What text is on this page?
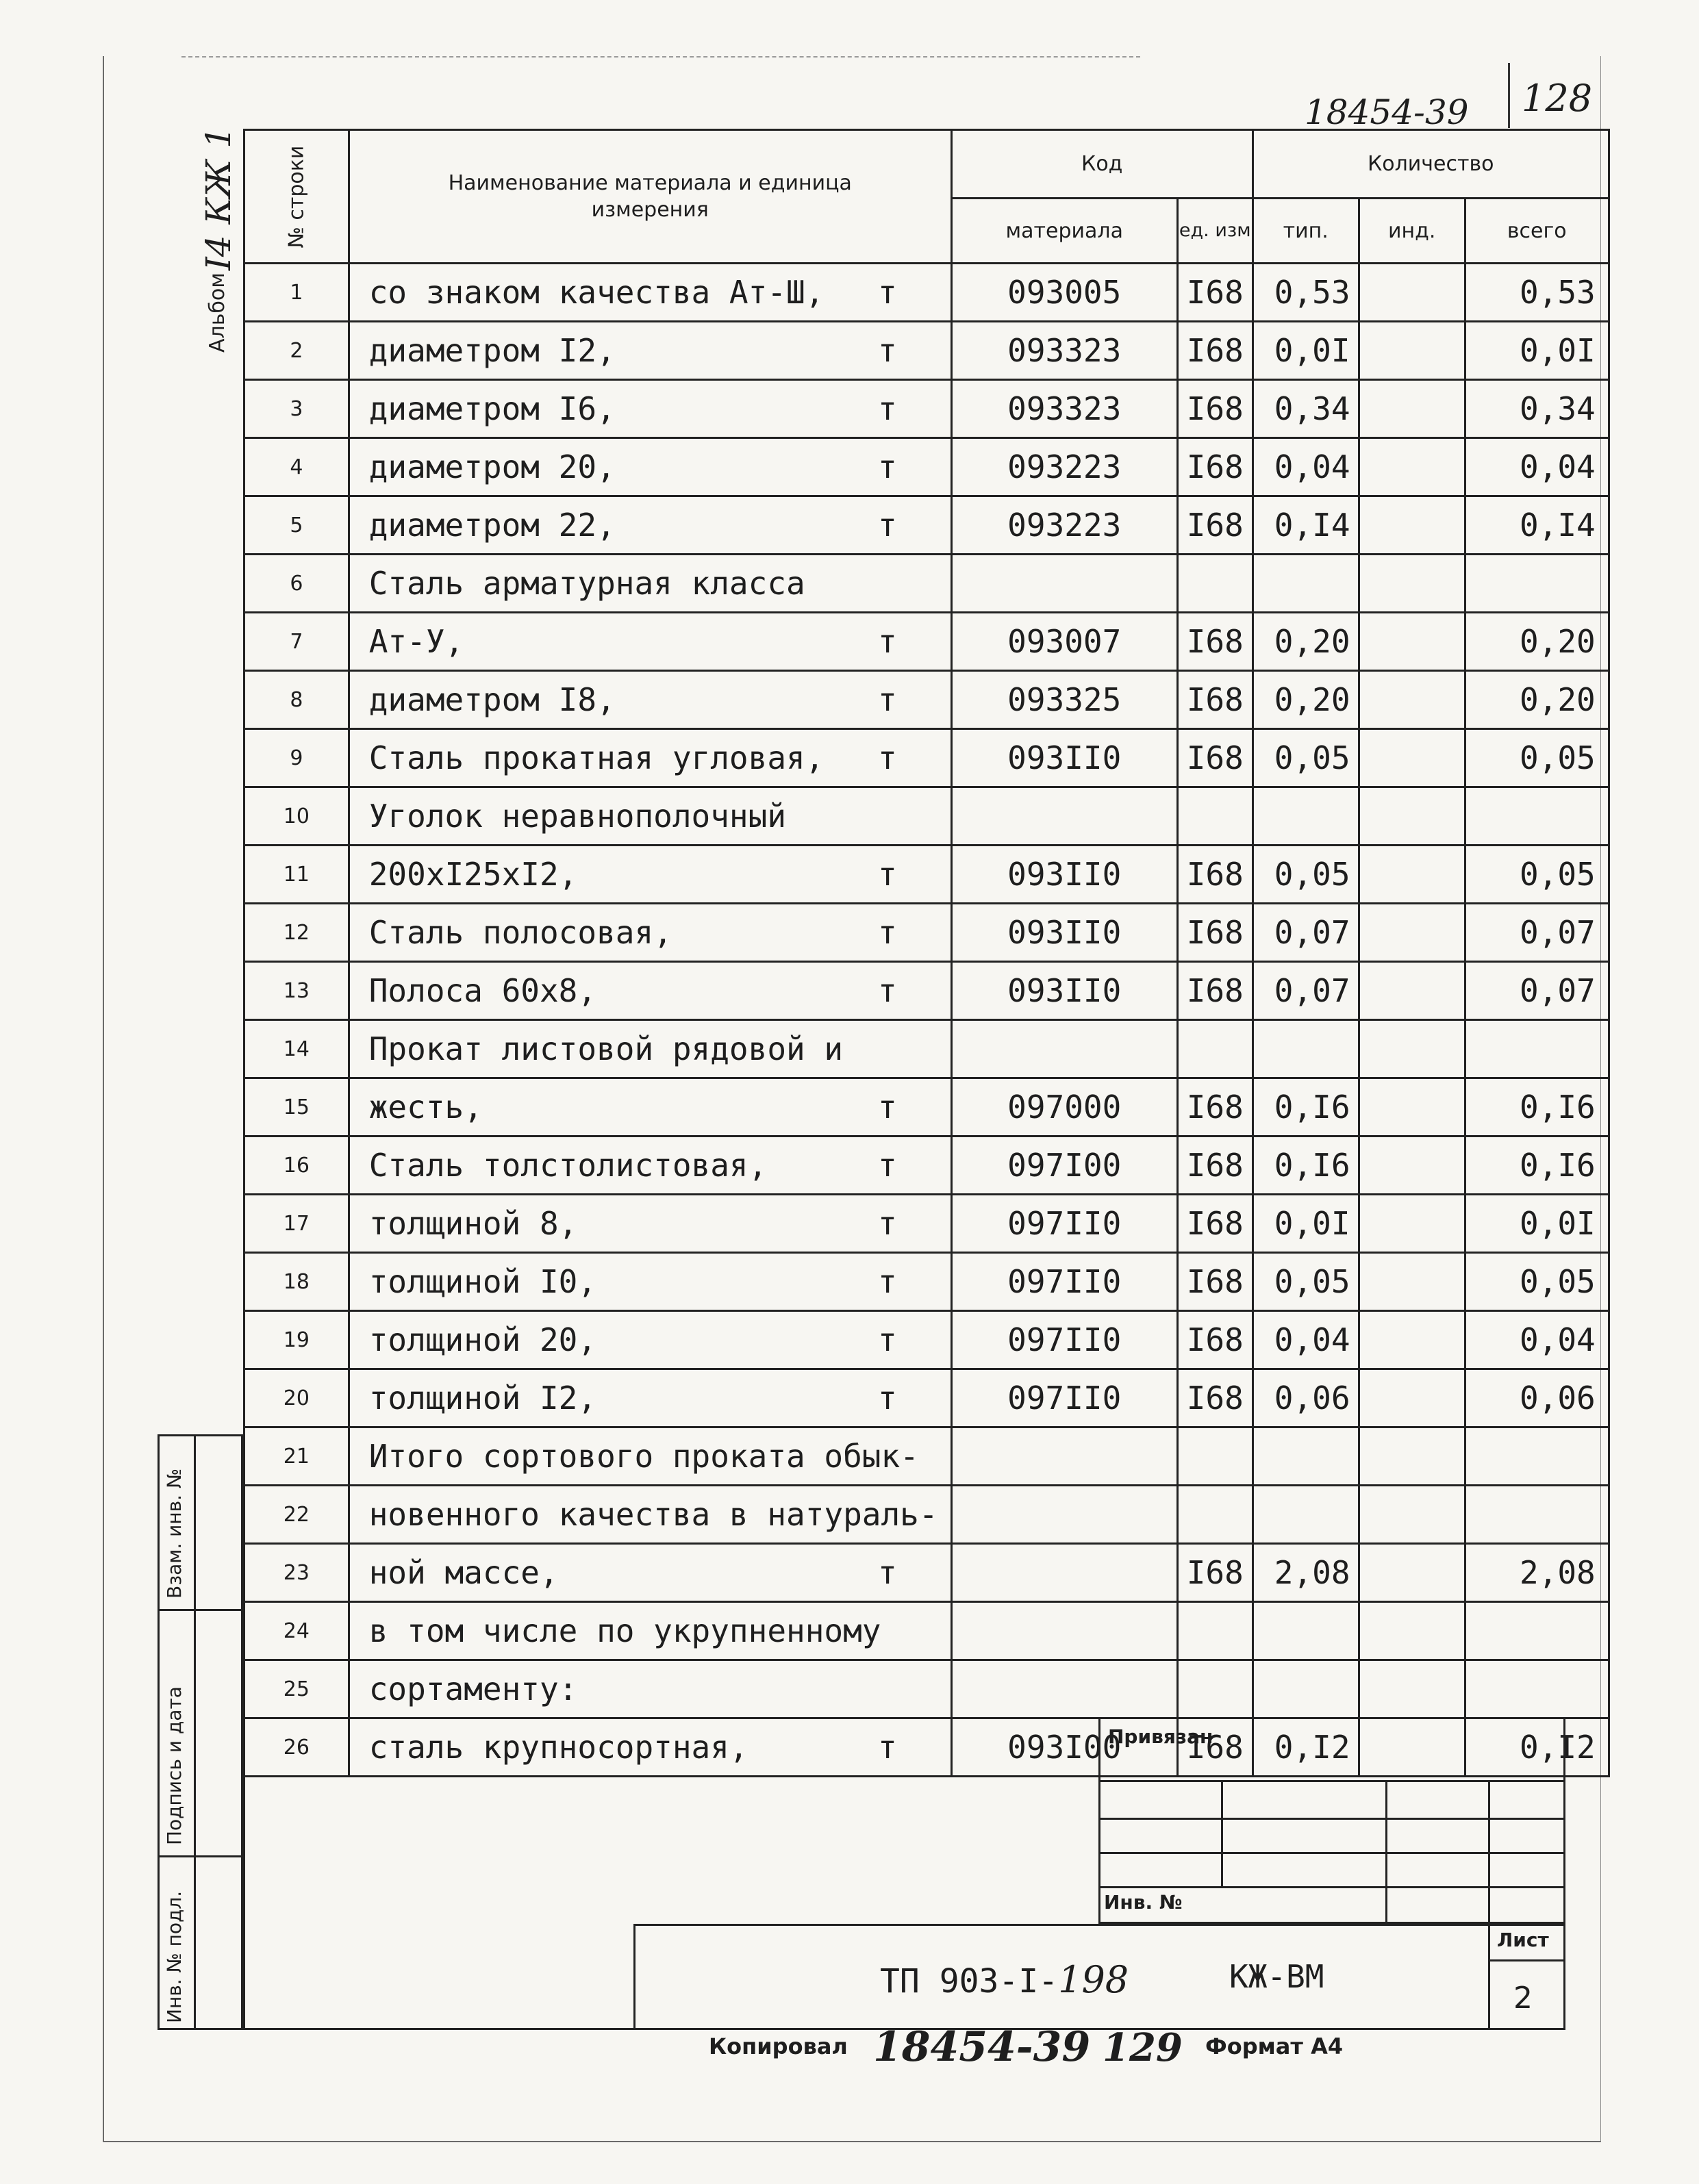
18454-39 128
Альбом
I4 КЖ 1
Взам. инв. №
Подпись и дата
Инв. № подл.
№ строки	Наименование материала и единица измерения	Код		Количество		
		материала	ед. изм	тип.	инд.	всего
1	со знаком качества Ат-Ш, т	093005	I68	0,53		0,53
2	диаметром I2, т	093323	I68	0,0I		0,0I
3	диаметром I6, т	093323	I68	0,34		0,34
4	диаметром 20, т	093223	I68	0,04		0,04
5	диаметром 22, т	093223	I68	0,I4		0,I4
6	Сталь арматурная класса

7	Ат-У, т	093007	I68	0,20		0,20
8	диаметром I8, т	093325	I68	0,20		0,20
9	Сталь прокатная угловая, т	093II0	I68	0,05		0,05
10	Уголок неравнополочный

11	200xI25xI2, т	093II0	I68	0,05		0,05
12	Сталь полосовая, т	093II0	I68	0,07		0,07
13	Полоса 60x8, т	093II0	I68	0,07		0,07
14	Прокат листовой рядовой и

15	жесть, т	097000	I68	0,I6		0,I6
16	Сталь толстолистовая, т	097I00	I68	0,I6		0,I6
17	толщиной 8, т	097II0	I68	0,0I		0,0I
18	толщиной I0, т	097II0	I68	0,05		0,05
19	толщиной 20, т	097II0	I68	0,04		0,04
20	толщиной I2, т	097II0	I68	0,06		0,06
21	Итого сортового проката обык-

22	новенного качества в натураль-

23	ной массе, т		I68	2,08		2,08
24	в том числе по укрупненному

25	сортаменту:

26	сталь крупносортная, т	093I00	I68	0,I2		0,I2
Привязан
Инв. №
Лист
2
ТП 903-I-198	КЖ-ВМ
Копировал 18454-39 129 Формат А4
